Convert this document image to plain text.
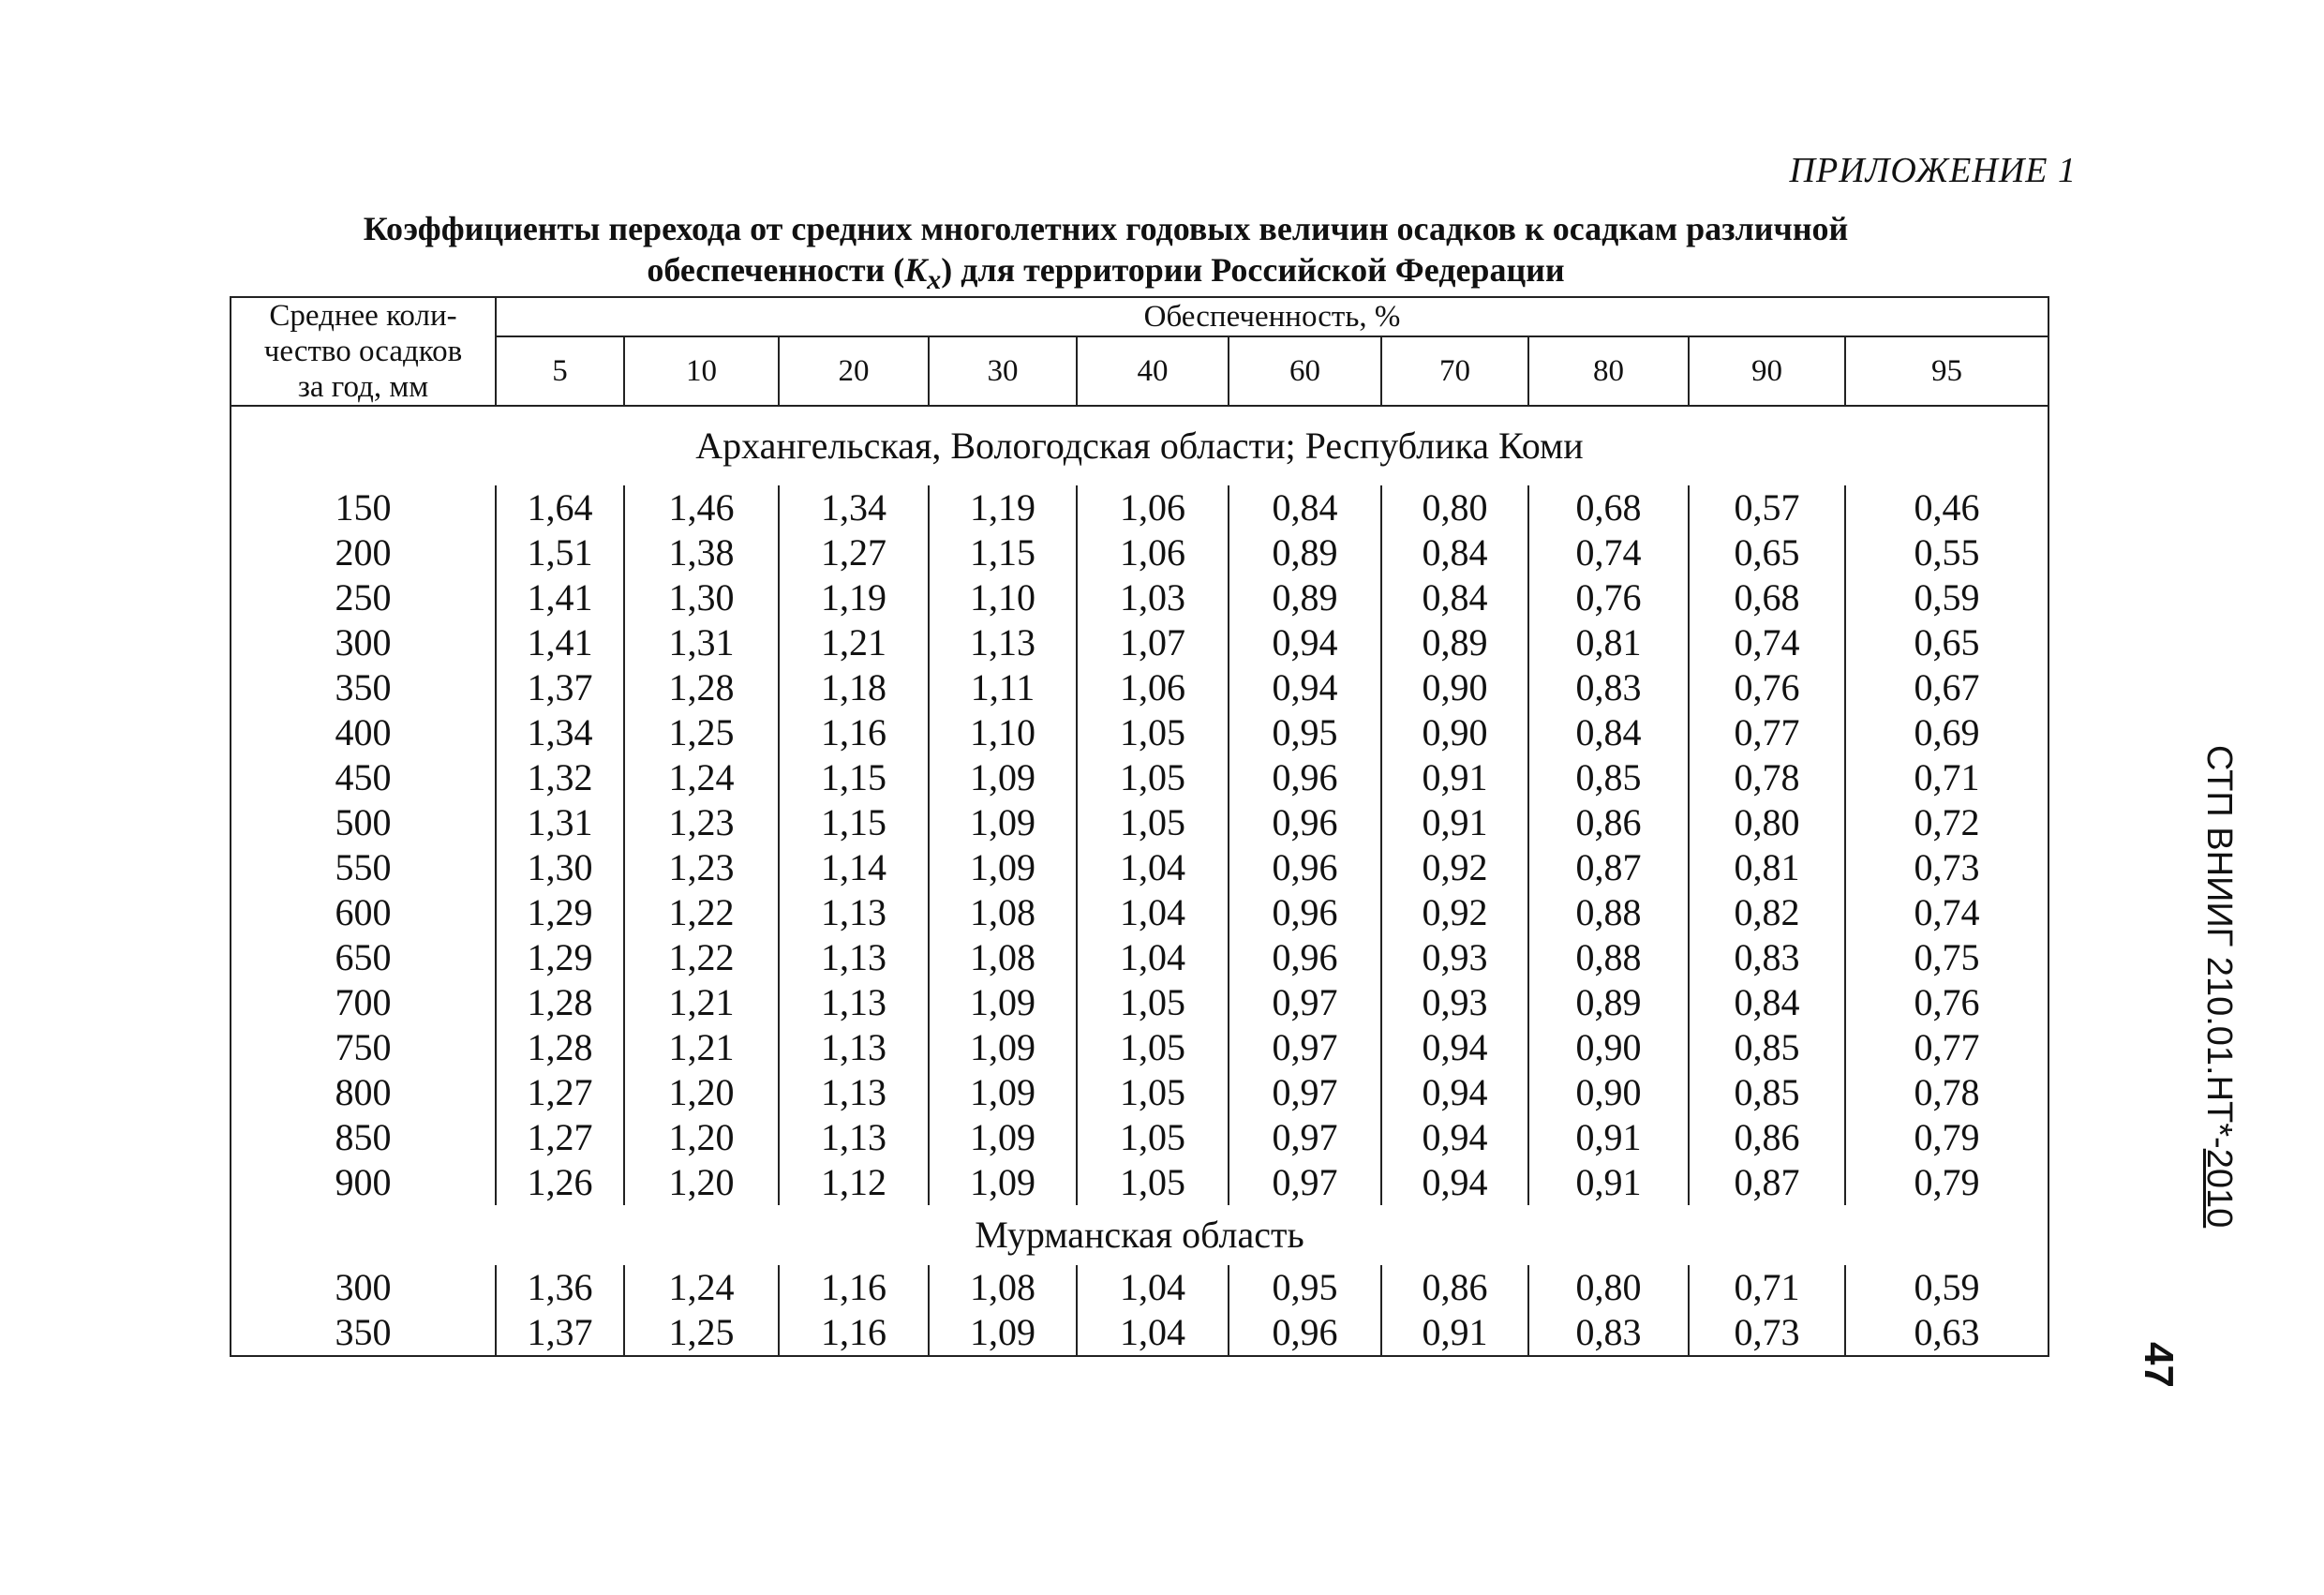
ПРИЛОЖЕНИЕ 1
Коэффициенты перехода от средних многолетних годовых величин осадков к осадкам различной
обеспеченности $(K_x)$ для территории Российской Федерации
Среднее коли-
чество осадков
за год, мм	Обеспеченность, %									
	5	10	20	30	40	60	70	80	90	95
Архангельская, Вологодская области; Республика Коми										
150	1,64	1,46	1,34	1,19	1,06	0,84	0,80	0,68	0,57	0,46
200	1,51	1,38	1,27	1,15	1,06	0,89	0,84	0,74	0,65	0,55
250	1,41	1,30	1,19	1,10	1,03	0,89	0,84	0,76	0,68	0,59
300	1,41	1,31	1,21	1,13	1,07	0,94	0,89	0,81	0,74	0,65
350	1,37	1,28	1,18	1,11	1,06	0,94	0,90	0,83	0,76	0,67
400	1,34	1,25	1,16	1,10	1,05	0,95	0,90	0,84	0,77	0,69
450	1,32	1,24	1,15	1,09	1,05	0,96	0,91	0,85	0,78	0,71
500	1,31	1,23	1,15	1,09	1,05	0,96	0,91	0,86	0,80	0,72
550	1,30	1,23	1,14	1,09	1,04	0,96	0,92	0,87	0,81	0,73
600	1,29	1,22	1,13	1,08	1,04	0,96	0,92	0,88	0,82	0,74
650	1,29	1,22	1,13	1,08	1,04	0,96	0,93	0,88	0,83	0,75
700	1,28	1,21	1,13	1,09	1,05	0,97	0,93	0,89	0,84	0,76
750	1,28	1,21	1,13	1,09	1,05	0,97	0,94	0,90	0,85	0,77
800	1,27	1,20	1,13	1,09	1,05	0,97	0,94	0,90	0,85	0,78
850	1,27	1,20	1,13	1,09	1,05	0,97	0,94	0,91	0,86	0,79
900	1,26	1,20	1,12	1,09	1,05	0,97	0,94	0,91	0,87	0,79
Мурманская область										
300	1,36	1,24	1,16	1,08	1,04	0,95	0,86	0,80	0,71	0,59
350	1,37	1,25	1,16	1,09	1,04	0,96	0,91	0,83	0,73	0,63
СТП ВНИИГ 210.01.НТ*-2010
47
